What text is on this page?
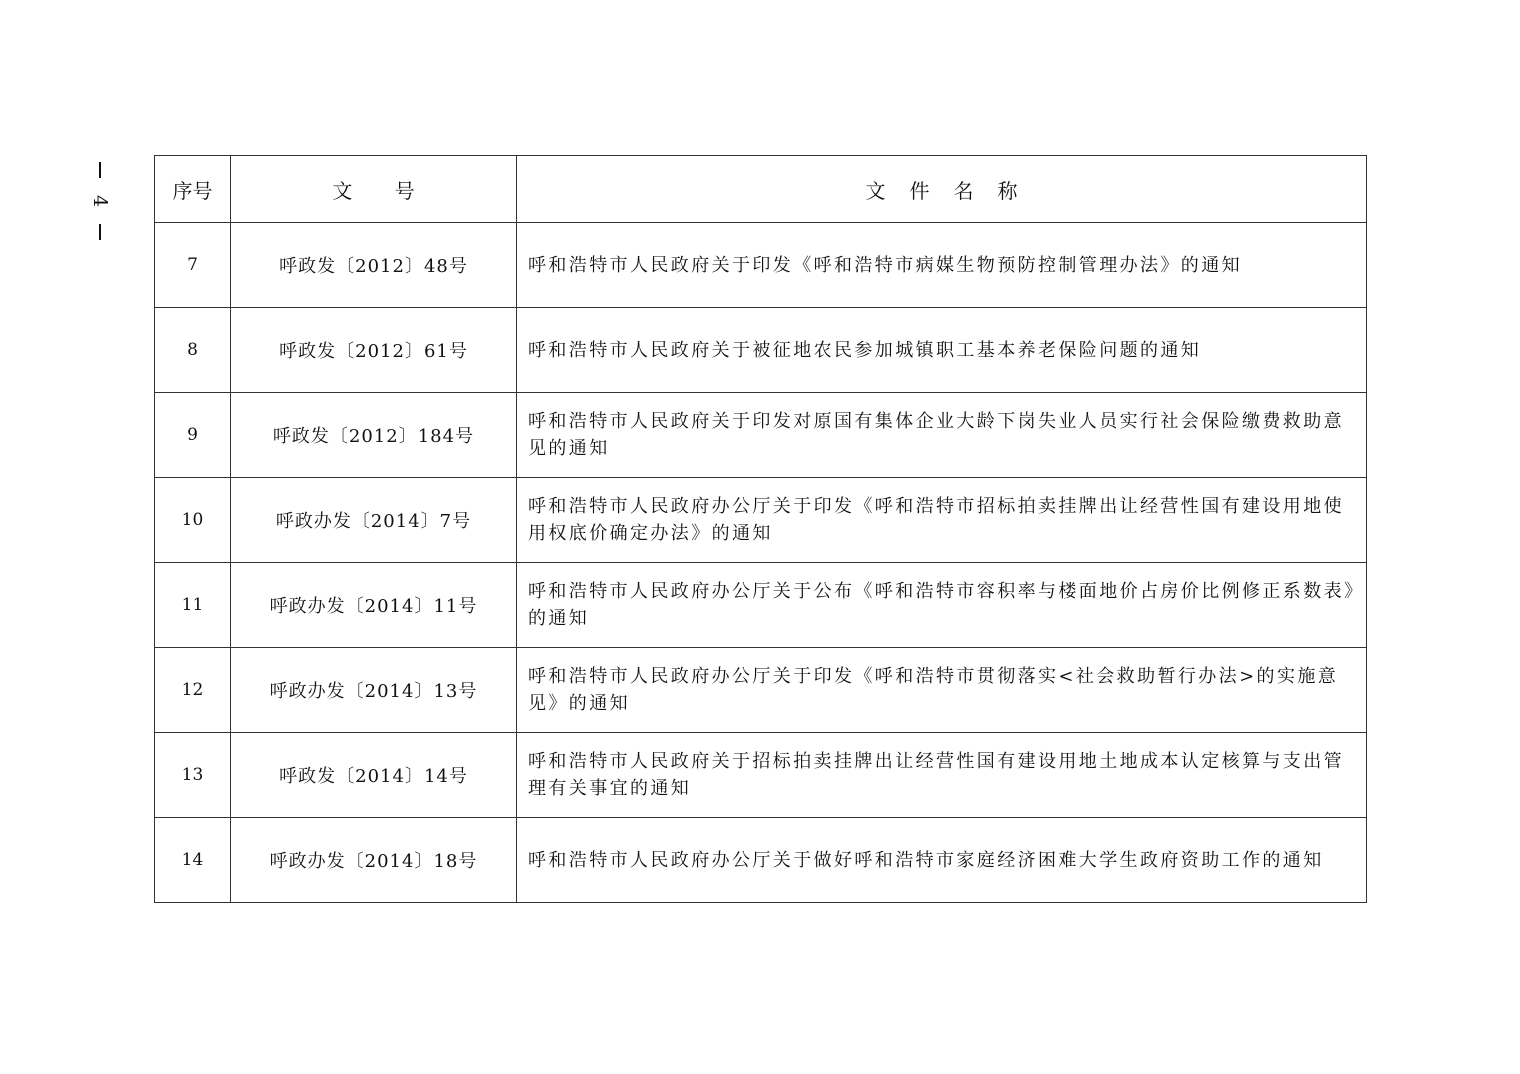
4	序号	文 号	文件名称
7	呼政发〔2012〕48号	呼和浩特市人民政府关于印发《呼和浩特市病媒生物预防控制管理办法》的通知
8	呼政发〔2012〕61号	呼和浩特市人民政府关于被征地农民参加城镇职工基本养老保险问题的通知
9	呼政发〔2012〕184号	呼和浩特市人民政府关于印发对原国有集体企业大龄下岗失业人员实行社会保险缴费救助意见的通知
10	呼政办发〔2014〕7号	呼和浩特市人民政府办公厅关于印发《呼和浩特市招标拍卖挂牌出让经营性国有建设用地使用权底价确定办法》的通知
11	呼政办发〔2014〕11号	呼和浩特市人民政府办公厅关于公布《呼和浩特市容积率与楼面地价占房价比例修正系数表》的通知
12	呼政办发〔2014〕13号	呼和浩特市人民政府办公厅关于印发《呼和浩特市贯彻落实<社会救助暂行办法>的实施意见》的通知
13	呼政发〔2014〕14号	呼和浩特市人民政府关于招标拍卖挂牌出让经营性国有建设用地土地成本认定核算与支出管理有关事宜的通知
14	呼政办发〔2014〕18号	呼和浩特市人民政府办公厅关于做好呼和浩特市家庭经济困难大学生政府资助工作的通知
